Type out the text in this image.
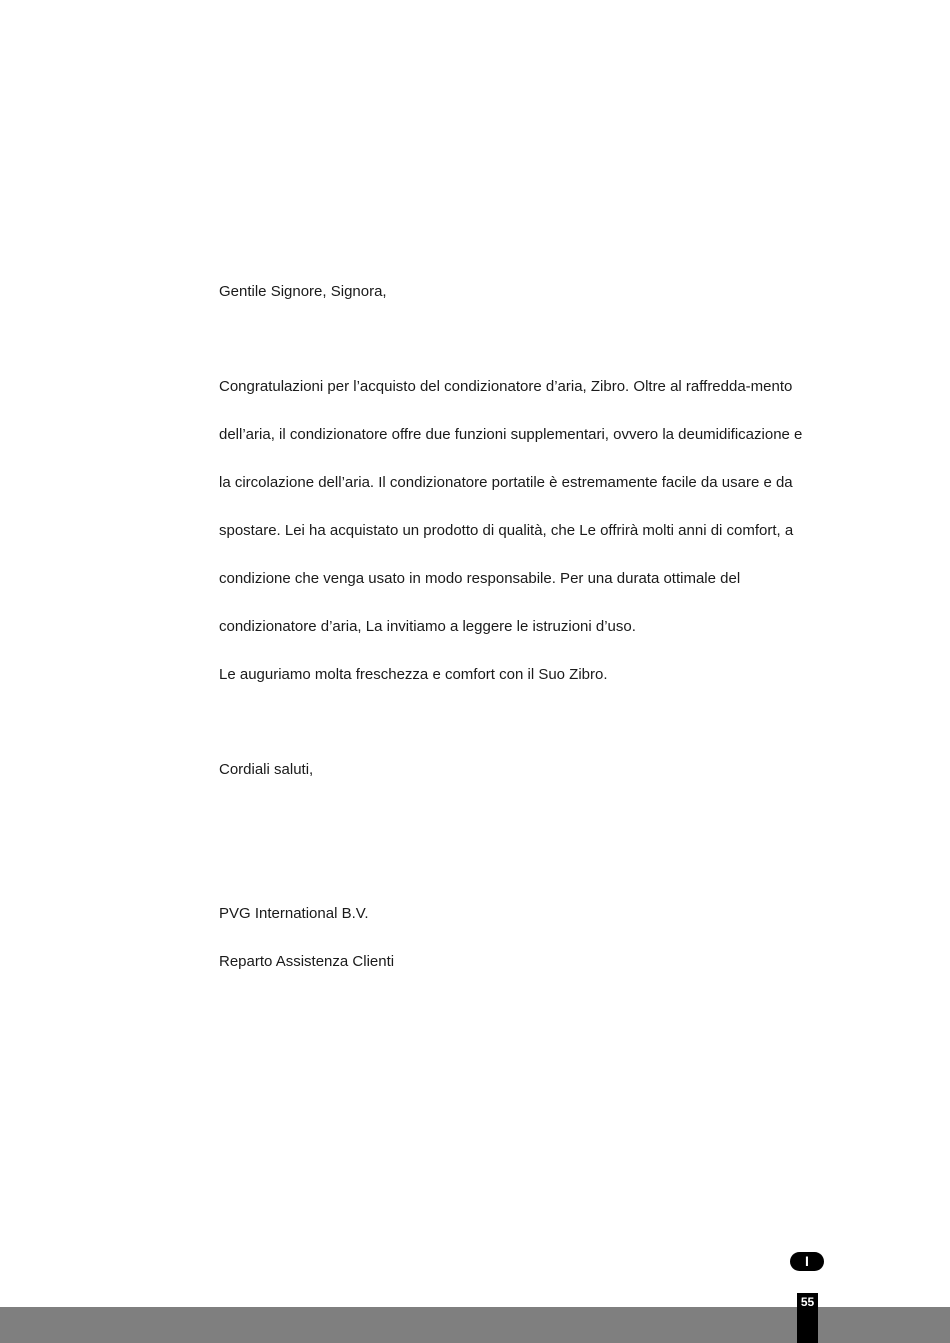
Gentile Signore, Signora,
Congratulazioni per l’acquisto del condizionatore d’aria, Zibro. Oltre al raffredda-mento
dell’aria, il condizionatore offre due funzioni supplementari, ovvero la deumidificazione e
la circolazione dell’aria. Il condizionatore portatile è estremamente facile da usare e da
spostare. Lei ha acquistato un prodotto di qualità, che Le offrirà molti anni di comfort, a
condizione che venga usato in modo responsabile. Per una durata ottimale del
condizionatore d’aria, La invitiamo a leggere le istruzioni d’uso.
Le auguriamo molta freschezza e comfort con il Suo Zibro.
Cordiali saluti,
PVG International B.V.
Reparto Assistenza Clienti
I
55
